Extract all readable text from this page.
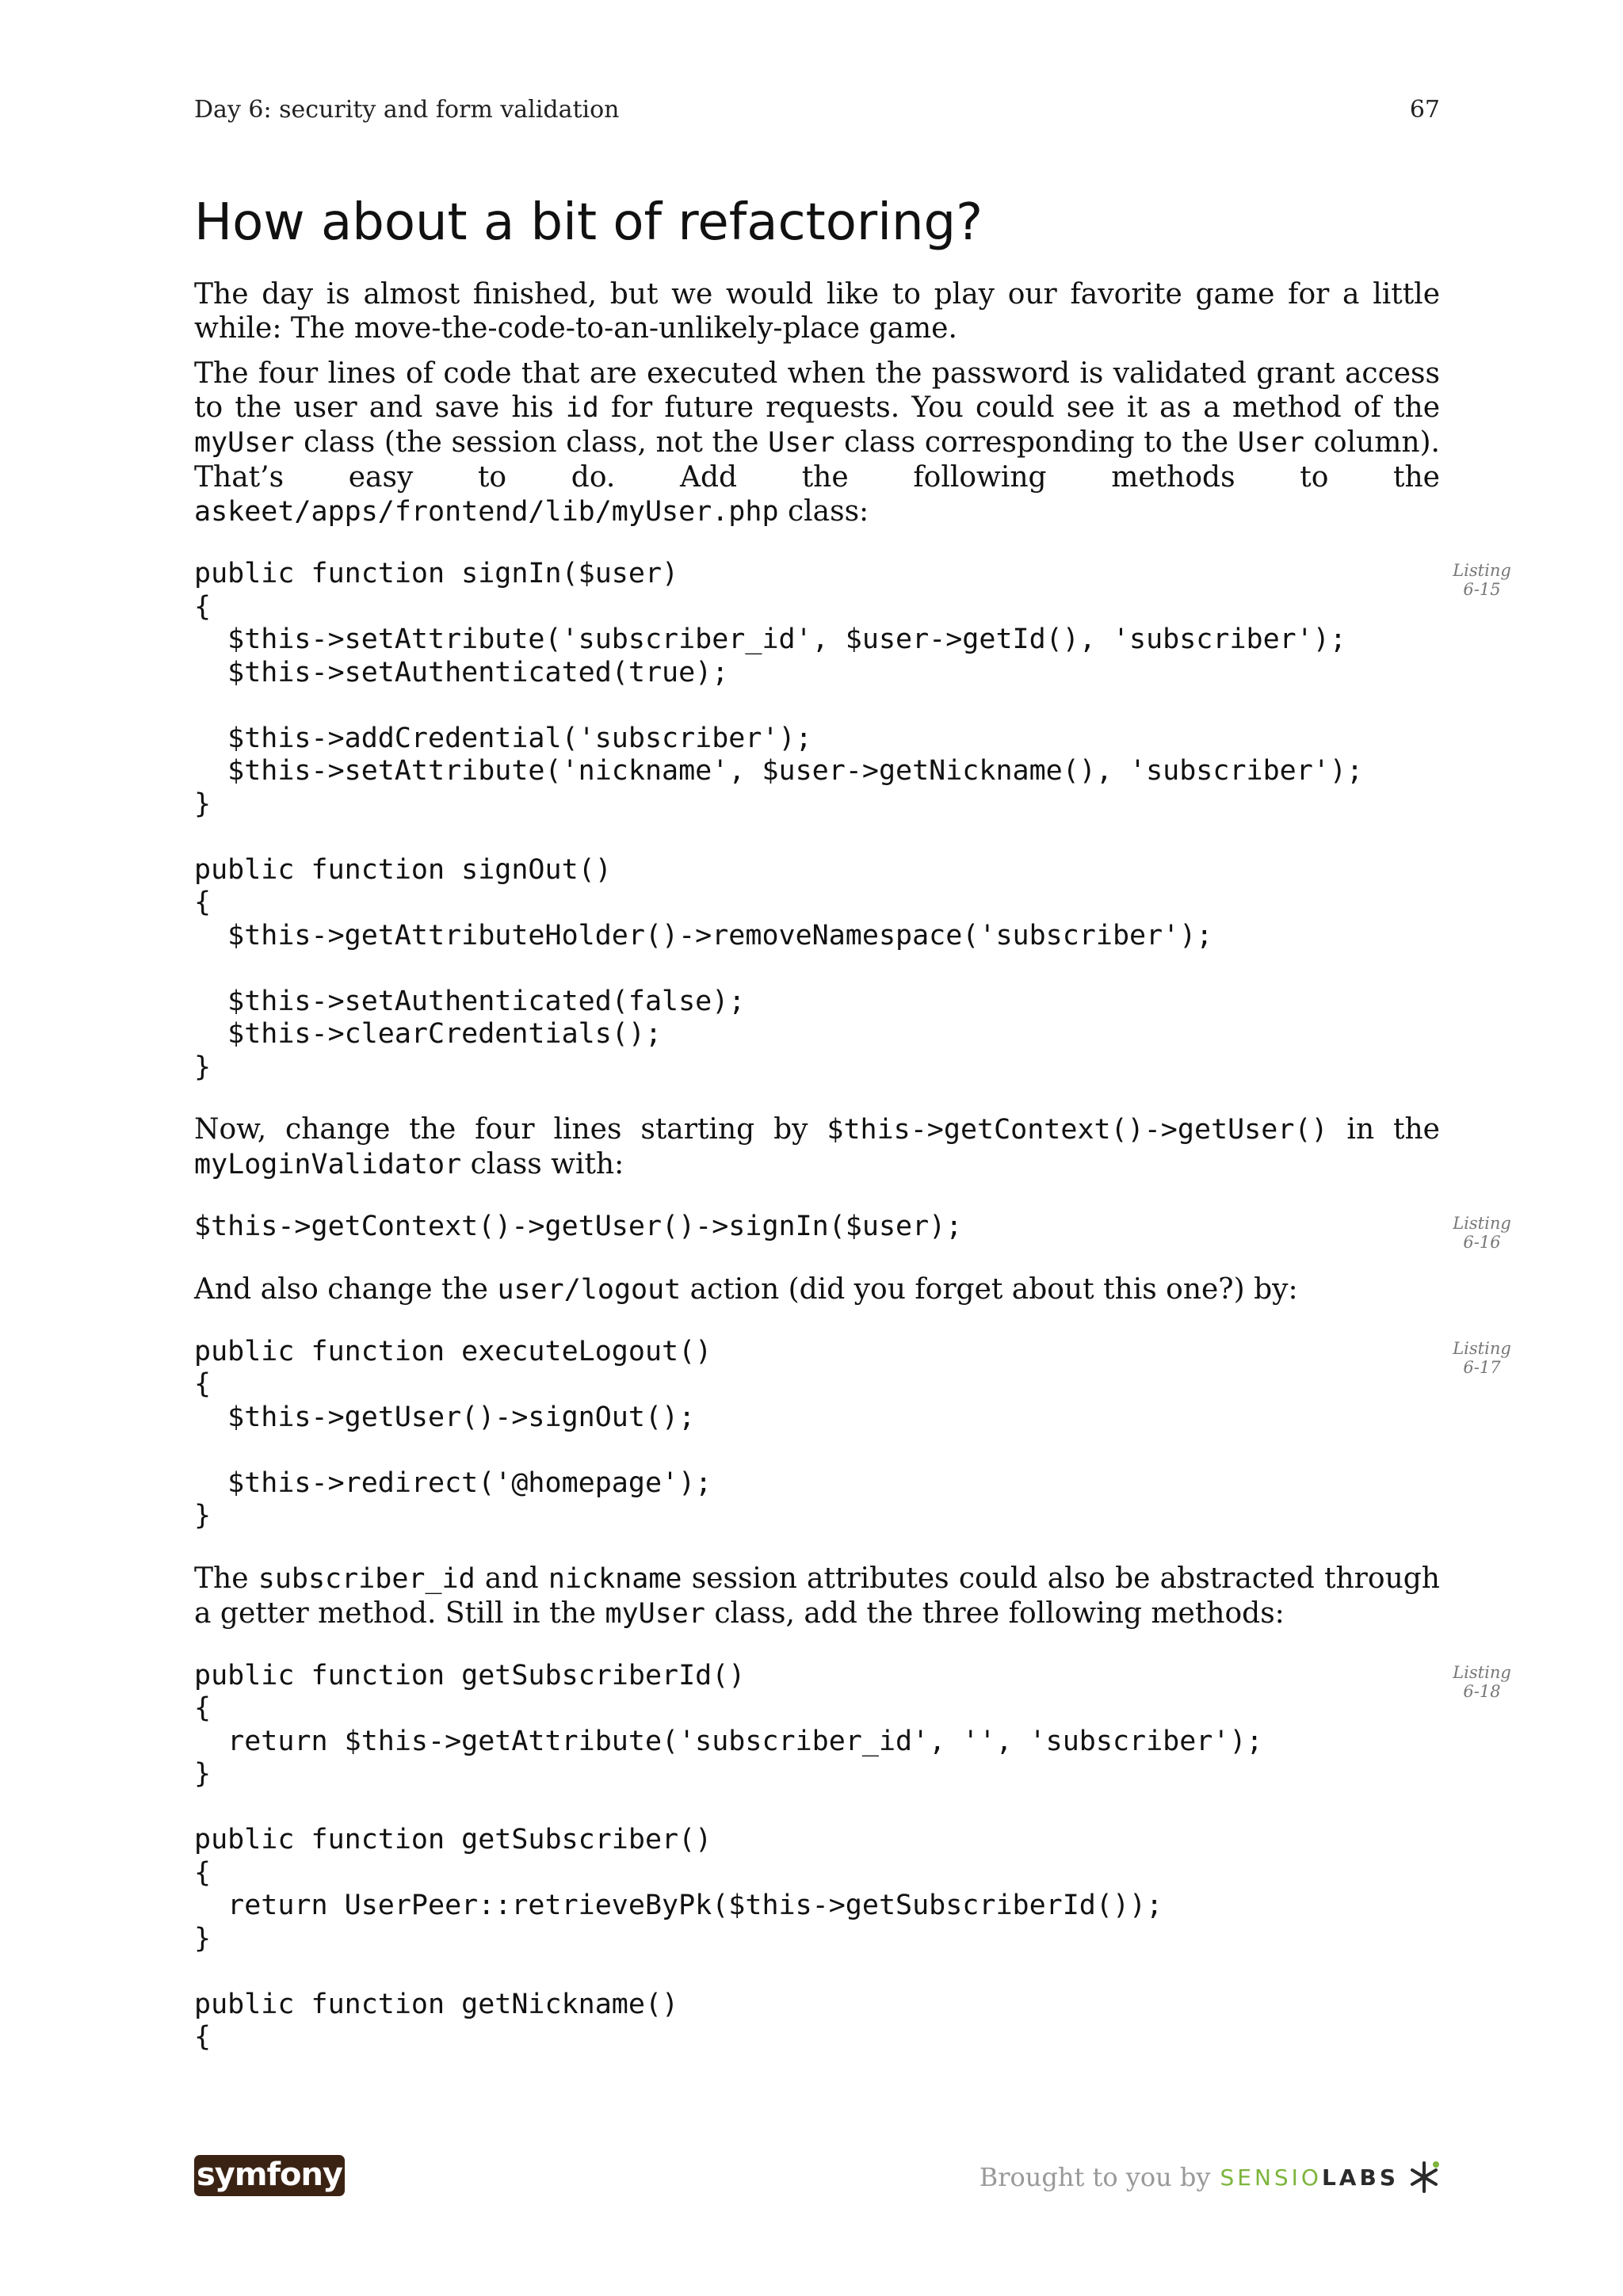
Day 6: security and form validation	67
How about a bit of refactoring?

The day is almost finished, but we would like to play our favorite game for a little while: The move-the-code-to-an-unlikely-place game.

The four lines of code that are executed when the password is validated grant access to the user and save his id for future requests. You could see it as a method of the myUser class (the session class, not the User class corresponding to the User column). That’s easy to do. Add the following methods to the askeet/apps/frontend/lib/myUser.php class:

public function signIn($user)
{
$this->setAttribute('subscriber_id', $user->getId(), 'subscriber');
$this->setAuthenticated(true);

$this->addCredential('subscriber');
$this->setAttribute('nickname', $user->getNickname(), 'subscriber');
}

public function signOut()
{
$this->getAttributeHolder()->removeNamespace('subscriber');

$this->setAuthenticated(false);
$this->clearCredentials();
}
Listing 6-15

Now, change the four lines starting by $this->getContext()->getUser() in the myLoginValidator class with:

$this->getContext()->getUser()->signIn($user);	Listing 6-16

And also change the user/logout action (did you forget about this one?) by:

public function executeLogout()
{
$this->getUser()->signOut();

$this->redirect('@homepage');
}
Listing 6-17

The subscriber_id and nickname session attributes could also be abstracted through a getter method. Still in the myUser class, add the three following methods:

public function getSubscriberId()
{
return $this->getAttribute('subscriber_id', '', 'subscriber');
}

public function getSubscriber()
{
return UserPeer::retrieveByPk($this->getSubscriberId());
}

public function getNickname()
{
Listing 6-18
symfony	Brought to you by SENSIOLABS
